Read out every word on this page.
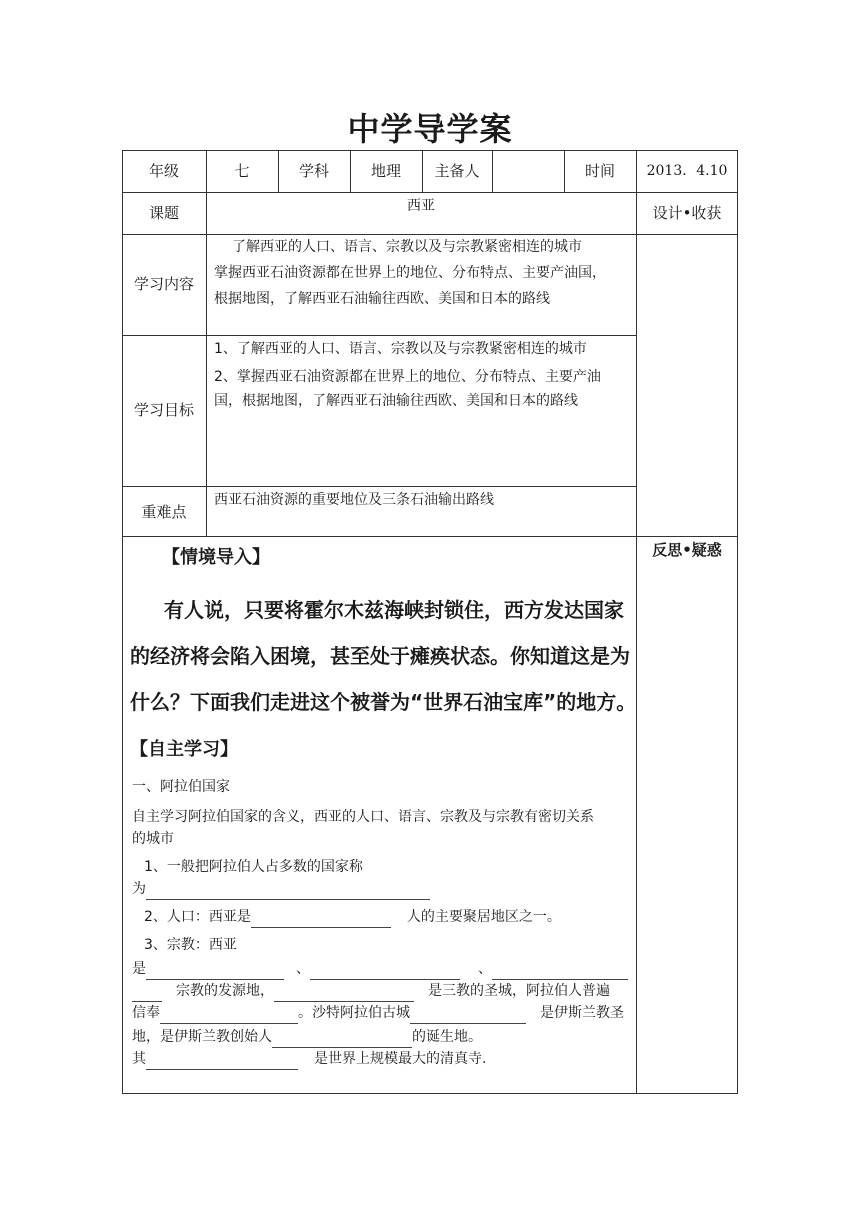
中学导学案
年级	七	学科	地理	主备人	时间	2013．4.10
课题	西亚	设计•收获
学习内容
了解西亚的人口、语言、宗教以及与宗教紧密相连的城市
掌握西亚石油资源都在世界上的地位、分布特点、主要产油国，
根据地图，了解西亚石油输往西欧、美国和日本的路线
学习目标
1、了解西亚的人口、语言、宗教以及与宗教紧密相连的城市
2、掌握西亚石油资源都在世界上的地位、分布特点、主要产油
国，根据地图，了解西亚石油输往西欧、美国和日本的路线
重难点
西亚石油资源的重要地位及三条石油输出路线
反思•疑惑
【情境导入】
有人说，只要将霍尔木兹海峡封锁住，西方发达国家
的经济将会陷入困境，甚至处于瘫痪状态。你知道这是为
什么？下面我们走进这个被誉为“世界石油宝库”的地方。
【自主学习】
一、阿拉伯国家
自主学习阿拉伯国家的含义，西亚的人口、语言、宗教及与宗教有密切关系
的城市
1、一般把阿拉伯人占多数的国家称
为
2、人口：西亚是	人的主要聚居地区之一。
3、宗教：西亚
是	、	、
宗教的发源地，	是三教的圣城，阿拉伯人普遍
信奉	。沙特阿拉伯古城	是伊斯兰教圣
地，是伊斯兰教创始人	的诞生地。
其	是世界上规模最大的清真寺.
